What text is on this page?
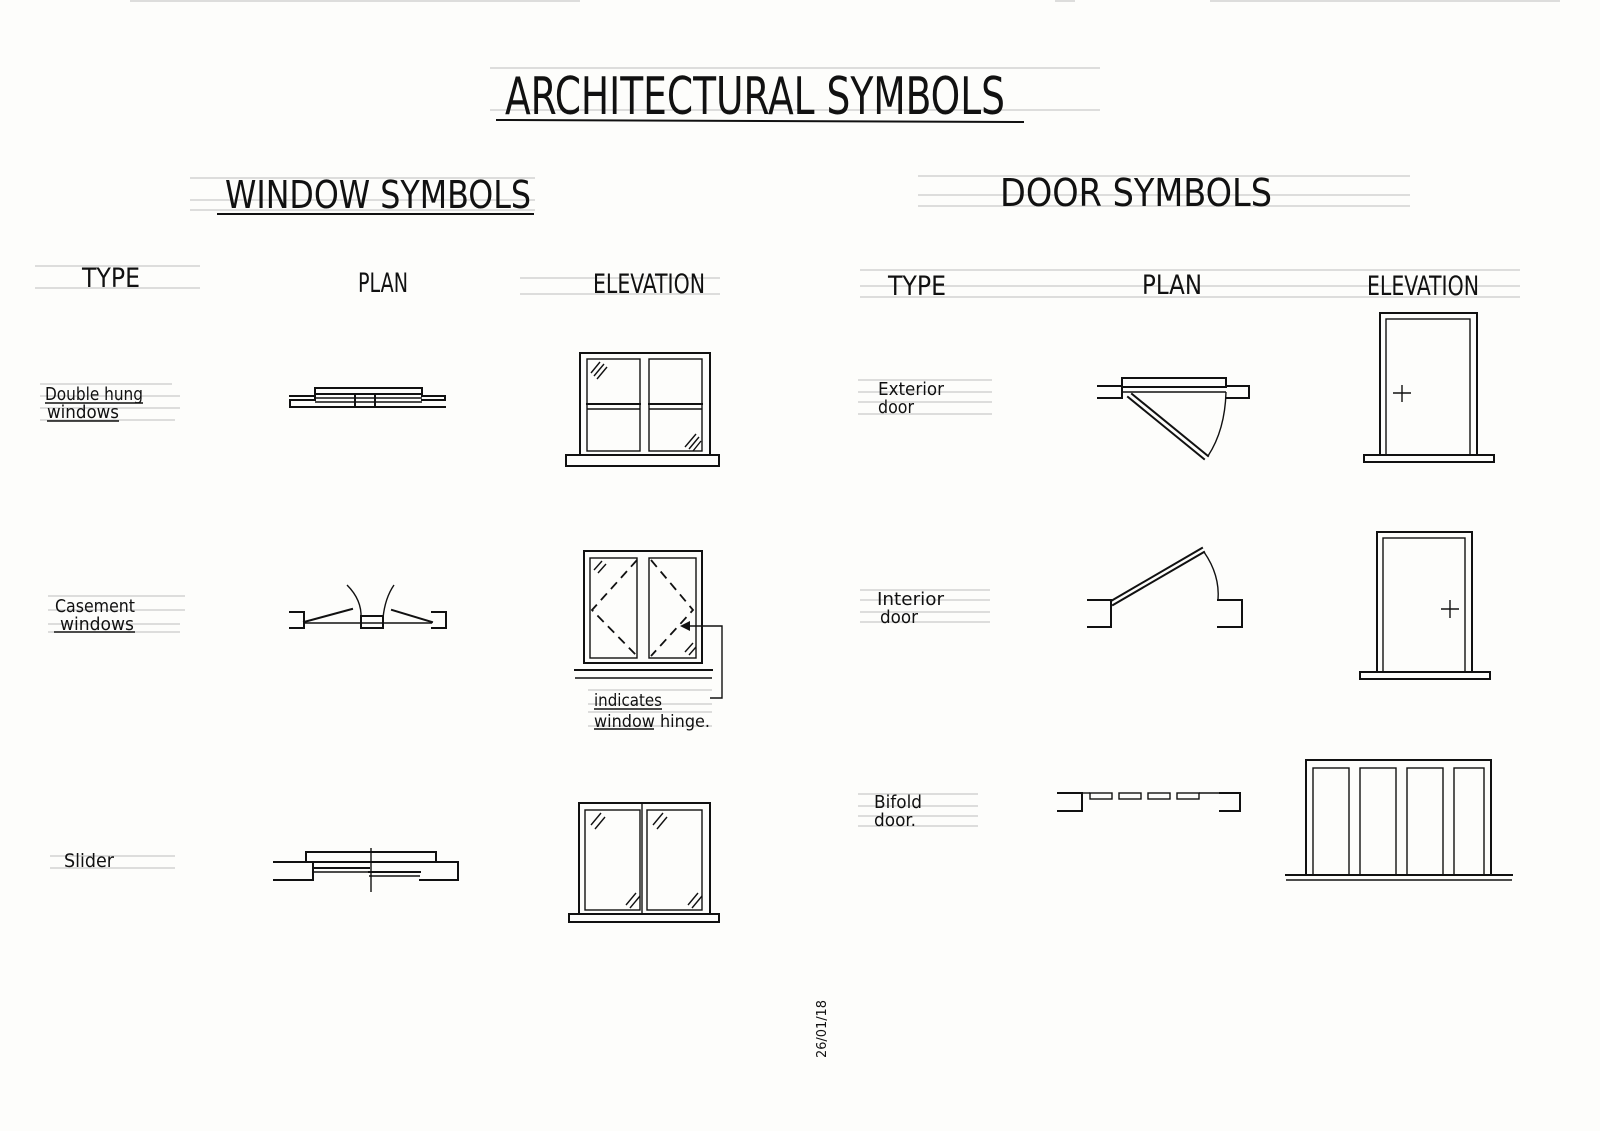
ARCHITECTURAL SYMBOLS
WINDOW SYMBOLS	DOOR SYMBOLS
TYPE	PLAN	ELEVATION	TYPE	PLAN	ELEVATION
Double hung
windows
Casement
windows
indicates
window hinge.
Slider
Exterior
door
Interior
door
Bifold
door.
26/01/18
